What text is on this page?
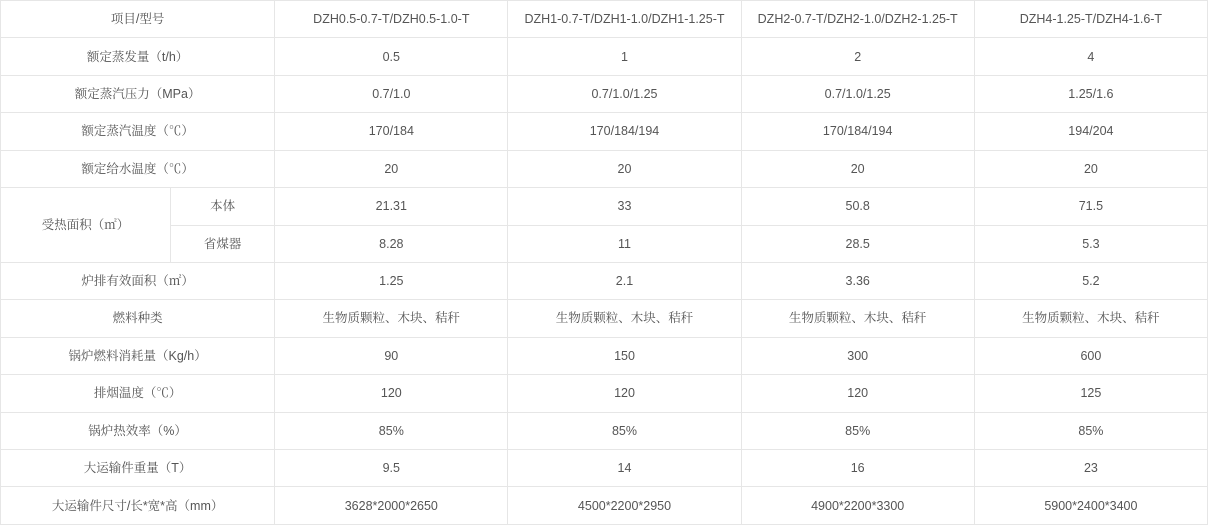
项目/型号		DZH0.5-0.7-T/DZH0.5-1.0-T	DZH1-0.7-T/DZH1-1.0/DZH1-1.25-T	DZH2-0.7-T/DZH2-1.0/DZH2-1.25-T	DZH4-1.25-T/DZH4-1.6-T
额定蒸发量（t/h）		0.5	1	2	4
额定蒸汽压力（MPa）		0.7/1.0	0.7/1.0/1.25	0.7/1.0/1.25	1.25/1.6
额定蒸汽温度（℃）		170/184	170/184/194	170/184/194	194/204
额定给水温度（℃）		20	20	20	20
受热面积（㎡）	本体	21.31	33	50.8	71.5
	省煤器	8.28	11	28.5	5.3
炉排有效面积（㎡）		1.25	2.1	3.36	5.2
燃料种类		生物质颗粒、木块、秸秆	生物质颗粒、木块、秸秆	生物质颗粒、木块、秸秆	生物质颗粒、木块、秸秆
锅炉燃料消耗量（Kg/h）		90	150	300	600
排烟温度（℃）		120	120	120	125
锅炉热效率（%）		85%	85%	85%	85%
大运输件重量（T）		9.5	14	16	23
大运输件尺寸/长*宽*高（mm）		3628*2000*2650	4500*2200*2950	4900*2200*3300	5900*2400*3400
